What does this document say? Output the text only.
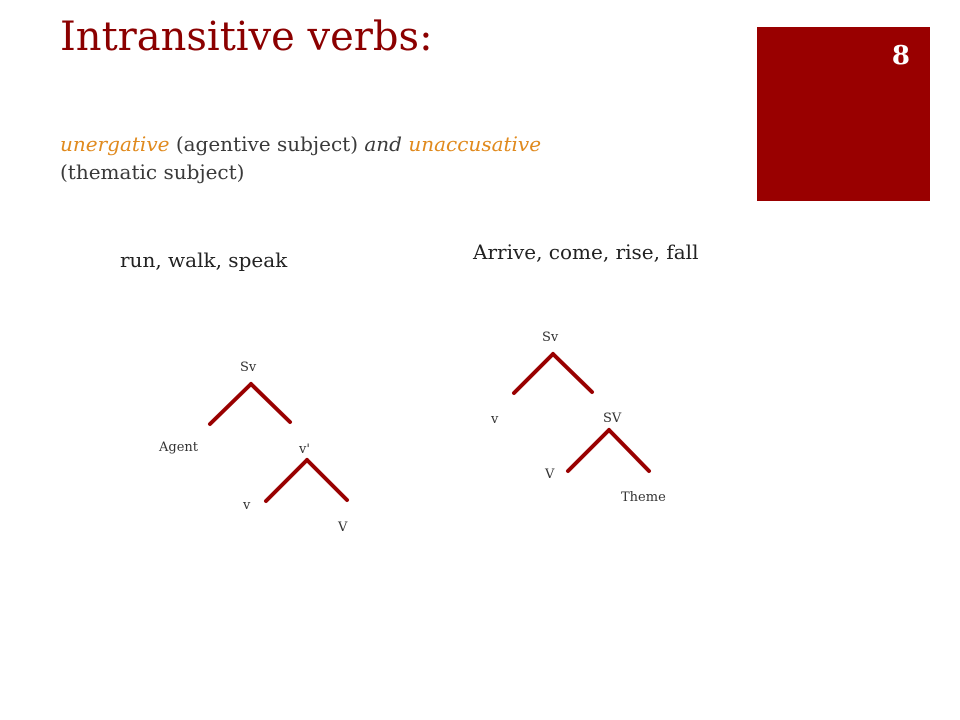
Intransitive verbs:	8
unergative (agentive subject) and unaccusative
(thematic subject)
run, walk, speak	Arrive, come, rise, fall
Sv
Agent	v'
v
V
Sv
v	SV
V
Theme
